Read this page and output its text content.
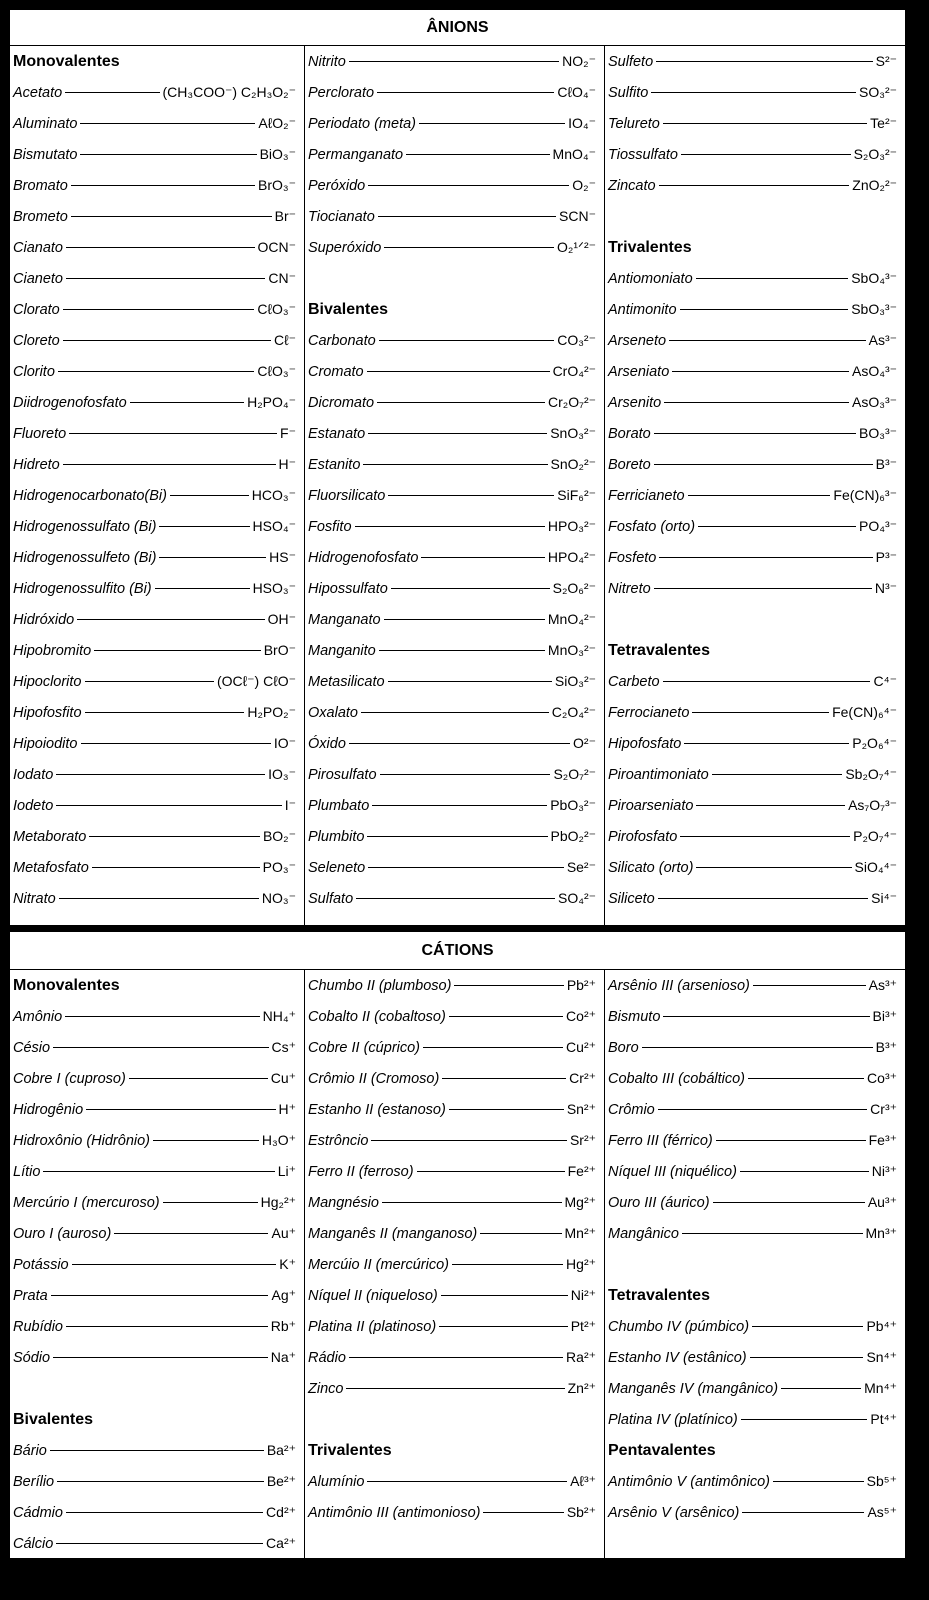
ÂNIONS
Monovalentes
Acetato	(CH₃COO⁻) C₂H₃O₂⁻
Aluminato	AℓO₂⁻
Bismutato	BiO₃⁻
Bromato	BrO₃⁻
Brometo	Br⁻
Cianato	OCN⁻
Cianeto	CN⁻
Clorato	CℓO₃⁻
Cloreto	Cℓ⁻
Clorito	CℓO₃⁻
Diidrogenofosfato	H₂PO₄⁻
Fluoreto	F⁻
Hidreto	H⁻
Hidrogenocarbonato(Bi)	HCO₃⁻
Hidrogenossulfato (Bi)	HSO₄⁻
Hidrogenossulfeto (Bi)	HS⁻
Hidrogenossulfito (Bi)	HSO₃⁻
Hidróxido	OH⁻
Hipobromito	BrO⁻
Hipoclorito	(OCℓ⁻) CℓO⁻
Hipofosfito	H₂PO₂⁻
Hipoiodito	IO⁻
Iodato	IO₃⁻
Iodeto	I⁻
Metaborato	BO₂⁻
Metafosfato	PO₃⁻
Nitrato	NO₃⁻
Nitrito	NO₂⁻
Perclorato	CℓO₄⁻
Periodato (meta)	IO₄⁻
Permanganato	MnO₄⁻
Peróxido	O₂⁻
Tiocianato	SCN⁻
Superóxido	O₂¹ᐟ²⁻
Bivalentes
Carbonato	CO₃²⁻
Cromato	CrO₄²⁻
Dicromato	Cr₂O₇²⁻
Estanato	SnO₃²⁻
Estanito	SnO₂²⁻
Fluorsilicato	SiF₆²⁻
Fosfito	HPO₃²⁻
Hidrogenofosfato	HPO₄²⁻
Hipossulfato	S₂O₆²⁻
Manganato	MnO₄²⁻
Manganito	MnO₃²⁻
Metasilicato	SiO₃²⁻
Oxalato	C₂O₄²⁻
Óxido	O²⁻
Pirosulfato	S₂O₇²⁻
Plumbato	PbO₃²⁻
Plumbito	PbO₂²⁻
Seleneto	Se²⁻
Sulfato	SO₄²⁻
Sulfeto	S²⁻
Sulfito	SO₃²⁻
Telureto	Te²⁻
Tiossulfato	S₂O₃²⁻
Zincato	ZnO₂²⁻
Trivalentes
Antiomoniato	SbO₄³⁻
Antimonito	SbO₃³⁻
Arseneto	As³⁻
Arseniato	AsO₄³⁻
Arsenito	AsO₃³⁻
Borato	BO₃³⁻
Boreto	B³⁻
Ferricianeto	Fe(CN)₆³⁻
Fosfato (orto)	PO₄³⁻
Fosfeto	P³⁻
Nitreto	N³⁻
Tetravalentes
Carbeto	C⁴⁻
Ferrocianeto	Fe(CN)₆⁴⁻
Hipofosfato	P₂O₆⁴⁻
Piroantimoniato	Sb₂O₇⁴⁻
Piroarseniato	As₇O₇³⁻
Pirofosfato	P₂O₇⁴⁻
Silicato (orto)	SiO₄⁴⁻
Siliceto	Si⁴⁻
CÁTIONS
Monovalentes
Amônio	NH₄⁺
Césio	Cs⁺
Cobre I (cuproso)	Cu⁺
Hidrogênio	H⁺
Hidroxônio (Hidrônio)	H₃O⁺
Lítio	Li⁺
Mercúrio I (mercuroso)	Hg₂²⁺
Ouro I (auroso)	Au⁺
Potássio	K⁺
Prata	Ag⁺
Rubídio	Rb⁺
Sódio	Na⁺
Bivalentes
Bário	Ba²⁺
Berílio	Be²⁺
Cádmio	Cd²⁺
Cálcio	Ca²⁺
Chumbo II (plumboso)	Pb²⁺
Cobalto II (cobaltoso)	Co²⁺
Cobre II (cúprico)	Cu²⁺
Crômio II (Cromoso)	Cr²⁺
Estanho II (estanoso)	Sn²⁺
Estrôncio	Sr²⁺
Ferro II (ferroso)	Fe²⁺
Mangnésio	Mg²⁺
Manganês II (manganoso)	Mn²⁺
Mercúio II (mercúrico)	Hg²⁺
Níquel II (niqueloso)	Ni²⁺
Platina II (platinoso)	Pt²⁺
Rádio	Ra²⁺
Zinco	Zn²⁺
Trivalentes
Alumínio	Aℓ³⁺
Antimônio III (antimonioso)	Sb²⁺
Arsênio III (arsenioso)	As³⁺
Bismuto	Bi³⁺
Boro	B³⁺
Cobalto III (cobáltico)	Co³⁺
Crômio	Cr³⁺
Ferro III (férrico)	Fe³⁺
Níquel III (niquélico)	Ni³⁺
Ouro III (áurico)	Au³⁺
Mangânico	Mn³⁺
Tetravalentes
Chumbo IV (púmbico)	Pb⁴⁺
Estanho IV (estânico)	Sn⁴⁺
Manganês IV (mangânico)	Mn⁴⁺
Platina IV (platínico)	Pt⁴⁺
Pentavalentes
Antimônio V (antimônico)	Sb⁵⁺
Arsênio V (arsênico)	As⁵⁺
